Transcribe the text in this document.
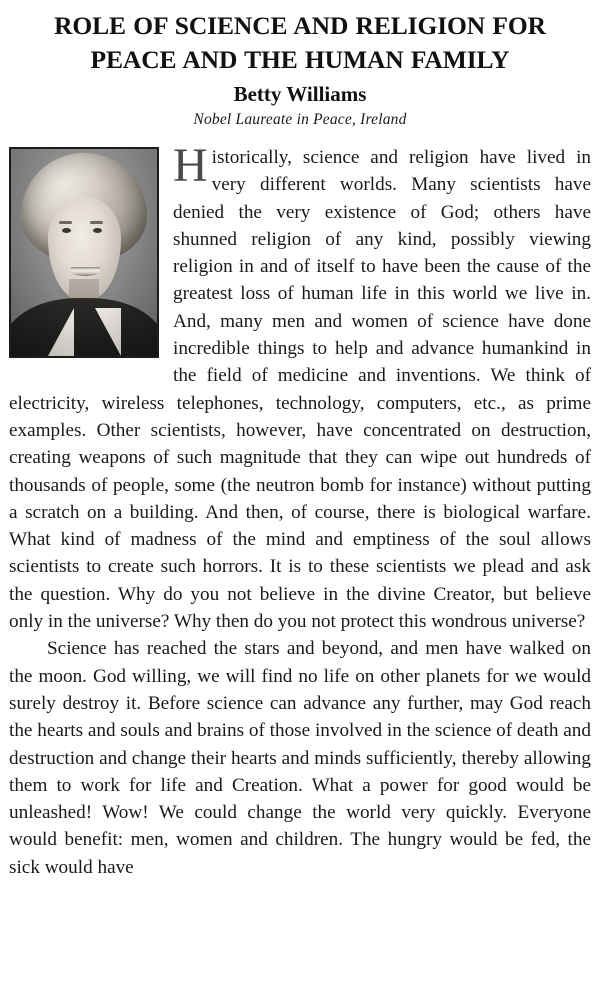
ROLE OF SCIENCE AND RELIGION FOR
PEACE AND THE HUMAN FAMILY
Betty Williams
Nobel Laureate in Peace, Ireland

Historically, science and religion have lived in very different worlds. Many scientists have denied the very existence of God; others have shunned religion of any kind, possibly viewing religion in and of itself to have been the cause of the greatest loss of human life in this world we live in. And, many men and women of science have done incredible things to help and advance humankind in the field of medicine and inventions. We think of electricity, wireless telephones, technology, computers, etc., as prime examples. Other scientists, however, have concentrated on destruction, creating weapons of such magnitude that they can wipe out hundreds of thousands of people, some (the neutron bomb for instance) without putting a scratch on a building. And then, of course, there is biological warfare. What kind of madness of the mind and emptiness of the soul allows scientists to create such horrors. It is to these scientists we plead and ask the question. Why do you not believe in the divine Creator, but believe only in the universe? Why then do you not protect this wondrous universe?

Science has reached the stars and beyond, and men have walked on the moon. God willing, we will find no life on other planets for we would surely destroy it. Before science can advance any further, may God reach the hearts and souls and brains of those involved in the science of death and destruction and change their hearts and minds sufficiently, thereby allowing them to work for life and Creation. What a power for good would be unleashed! Wow! We could change the world very quickly. Everyone would benefit: men, women and children. The hungry would be fed, the sick would have
